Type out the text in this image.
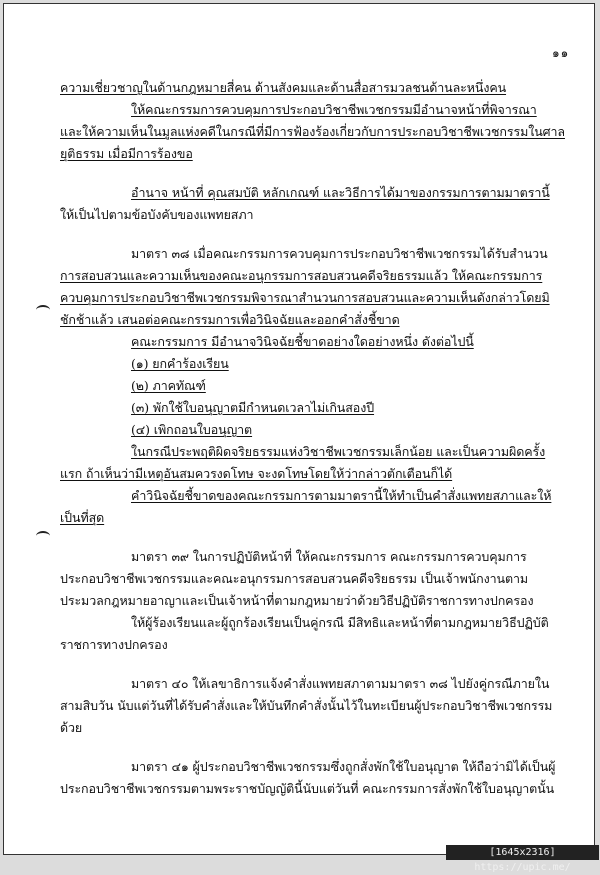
๑๑
ความเชี่ยวชาญในด้านกฎหมายสี่คน ด้านสังคมและด้านสื่อสารมวลชนด้านละหนึ่งคน
ให้คณะกรรมการควบคุมการประกอบวิชาชีพเวชกรรมมีอำนาจหน้าที่พิจารณา
และให้ความเห็นในมูลแห่งคดีในกรณีที่มีการฟ้องร้องเกี่ยวกับการประกอบวิชาชีพเวชกรรมในศาล
ยุติธรรม เมื่อมีการร้องขอ
อำนาจ หน้าที่ คุณสมบัติ หลักเกณฑ์ และวิธีการได้มาของกรรมการตามมาตรานี้
ให้เป็นไปตามข้อบังคับของแพทยสภา
มาตรา ๓๘ เมื่อคณะกรรมการควบคุมการประกอบวิชาชีพเวชกรรมได้รับสำนวน
การสอบสวนและความเห็นของคณะอนุกรรมการสอบสวนคดีจริยธรรมแล้ว ให้คณะกรรมการ
ควบคุมการประกอบวิชาชีพเวชกรรมพิจารณาสำนวนการสอบสวนและความเห็นดังกล่าวโดยมิ
ชักช้าแล้ว เสนอต่อคณะกรรมการเพื่อวินิจฉัยและออกคำสั่งชี้ขาด
คณะกรรมการ มีอำนาจวินิจฉัยชี้ขาดอย่างใดอย่างหนึ่ง ดังต่อไปนี้
(๑) ยกคำร้องเรียน
(๒) ภาคทัณฑ์
(๓) พักใช้ใบอนุญาตมีกำหนดเวลาไม่เกินสองปี
(๔) เพิกถอนใบอนุญาต
ในกรณีประพฤติผิดจริยธรรมแห่งวิชาชีพเวชกรรมเล็กน้อย และเป็นความผิดครั้ง
แรก ถ้าเห็นว่ามีเหตุอันสมควรงดโทษ จะงดโทษโดยให้ว่ากล่าวตักเตือนก็ได้
คำวินิจฉัยชี้ขาดของคณะกรรมการตามมาตรานี้ให้ทำเป็นคำสั่งแพทยสภาและให้
เป็นที่สุด
มาตรา ๓๙ ในการปฏิบัติหน้าที่ ให้คณะกรรมการ คณะกรรมการควบคุมการ
ประกอบวิชาชีพเวชกรรมและคณะอนุกรรมการสอบสวนคดีจริยธรรม เป็นเจ้าพนักงานตาม
ประมวลกฎหมายอาญาและเป็นเจ้าหน้าที่ตามกฎหมายว่าด้วยวิธีปฏิบัติราชการทางปกครอง
ให้ผู้ร้องเรียนและผู้ถูกร้องเรียนเป็นคู่กรณี มีสิทธิและหน้าที่ตามกฎหมายวิธีปฏิบัติ
ราชการทางปกครอง
มาตรา ๔๐ ให้เลขาธิการแจ้งคำสั่งแพทยสภาตามมาตรา ๓๘ ไปยังคู่กรณีภายใน
สามสิบวัน นับแต่วันที่ได้รับคำสั่งและให้บันทึกคำสั่งนั้นไว้ในทะเบียนผู้ประกอบวิชาชีพเวชกรรม
ด้วย
มาตรา ๔๑ ผู้ประกอบวิชาชีพเวชกรรมซึ่งถูกสั่งพักใช้ใบอนุญาต ให้ถือว่ามิได้เป็นผู้
ประกอบวิชาชีพเวชกรรมตามพระราชบัญญัตินี้นับแต่วันที่ คณะกรรมการสั่งพักใช้ใบอนุญาตนั้น
[1645x2316] https://upic.me/
